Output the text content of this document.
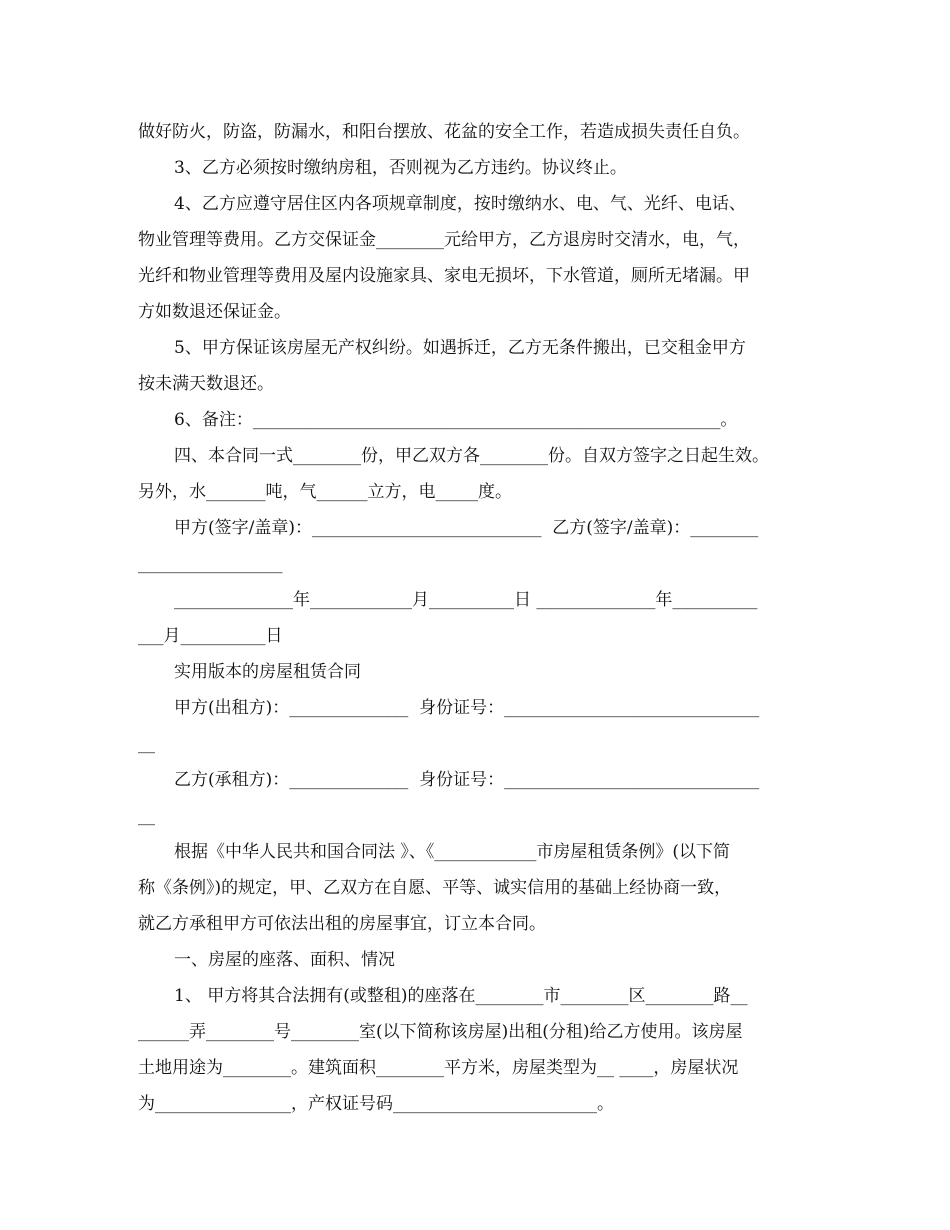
做好防火，防盗，防漏水，和阳台摆放、花盆的安全工作，若造成损失责任自负。
3、乙方必须按时缴纳房租，否则视为乙方违约。协议终止。
4、乙方应遵守居住区内各项规章制度，按时缴纳水、电、气、光纤、电话、
物业管理等费用。乙方交保证金________元给甲方，乙方退房时交清水，电，气，
光纤和物业管理等费用及屋内设施家具、家电无损坏，下水管道，厕所无堵漏。甲
方如数退还保证金。
5、甲方保证该房屋无产权纠纷。如遇拆迁，乙方无条件搬出，已交租金甲方
按未满天数退还。
6、备注：_______________________________________________________。
四、本合同一式________份，甲乙双方各________份。自双方签字之日起生效。
另外，水_______吨，气______立方，电_____度。
甲方(签字/盖章)：___________________________  乙方(签字/盖章)：________
_________________
______________年____________月__________日 ______________年__________
___月__________日
实用版本的房屋租赁合同
甲方(出租方)：______________  身份证号：______________________________
__
乙方(承租方)：______________  身份证号：______________________________
__
根据《中华人民共和国合同法 》、《____________市房屋租赁条例》(以下简
称《条例》)的规定，甲、乙双方在自愿、平等、诚实信用的基础上经协商一致，
就乙方承租甲方可依法出租的房屋事宜，订立本合同。
一、房屋的座落、面积、情况
1、 甲方将其合法拥有(或整租)的座落在________市________区________路__
______弄________号________室(以下简称该房屋)出租(分租)给乙方使用。该房屋
土地用途为________。建筑面积________平方米，房屋类型为__ ____，房屋状况
为________________，产权证号码________________________。
